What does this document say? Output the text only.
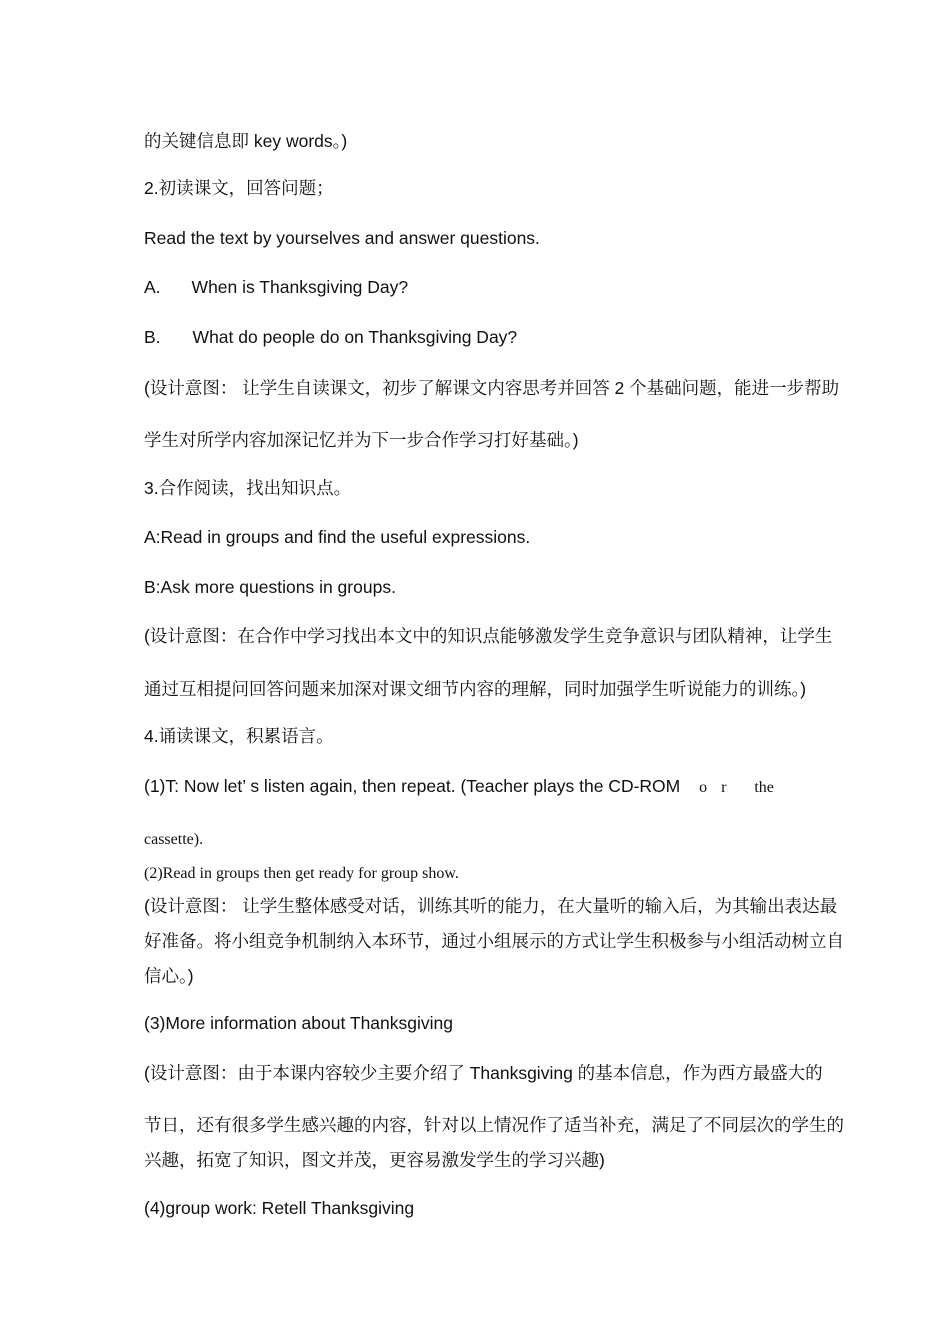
的关键信息即 key words。)
2.初读课文，回答问题；
Read the text by yourselves and answer questions.
A. When is Thanksgiving Day?
B. What do people do on Thanksgiving Day?
(设计意图： 让学生自读课文，初步了解课文内容思考并回答 2 个基础问题，能进一步帮助
学生对所学内容加深记忆并为下一步合作学习打好基础。)
3.合作阅读，找出知识点。
A:Read in groups and find the useful expressions.
B:Ask more questions in groups.
(设计意图：在合作中学习找出本文中的知识点能够激发学生竞争意识与团队精神，让学生
通过互相提问回答问题来加深对课文细节内容的理解，同时加强学生听说能力的训练。)
4.诵读课文，积累语言。
(1)T: Now let’ s listen again, then repeat. (Teacher plays the CD-ROM o r the
cassette).
(2)Read in groups then get ready for group show.
(设计意图： 让学生整体感受对话，训练其听的能力，在大量听的输入后，为其输出表达最
好准备。将小组竞争机制纳入本环节，通过小组展示的方式让学生积极参与小组活动树立自
信心。)
(3)More information about Thanksgiving
(设计意图：由于本课内容较少主要介绍了 Thanksgiving 的基本信息，作为西方最盛大的
节日，还有很多学生感兴趣的内容，针对以上情况作了适当补充，满足了不同层次的学生的
兴趣，拓宽了知识，图文并茂，更容易激发学生的学习兴趣)
(4)group work: Retell Thanksgiving
